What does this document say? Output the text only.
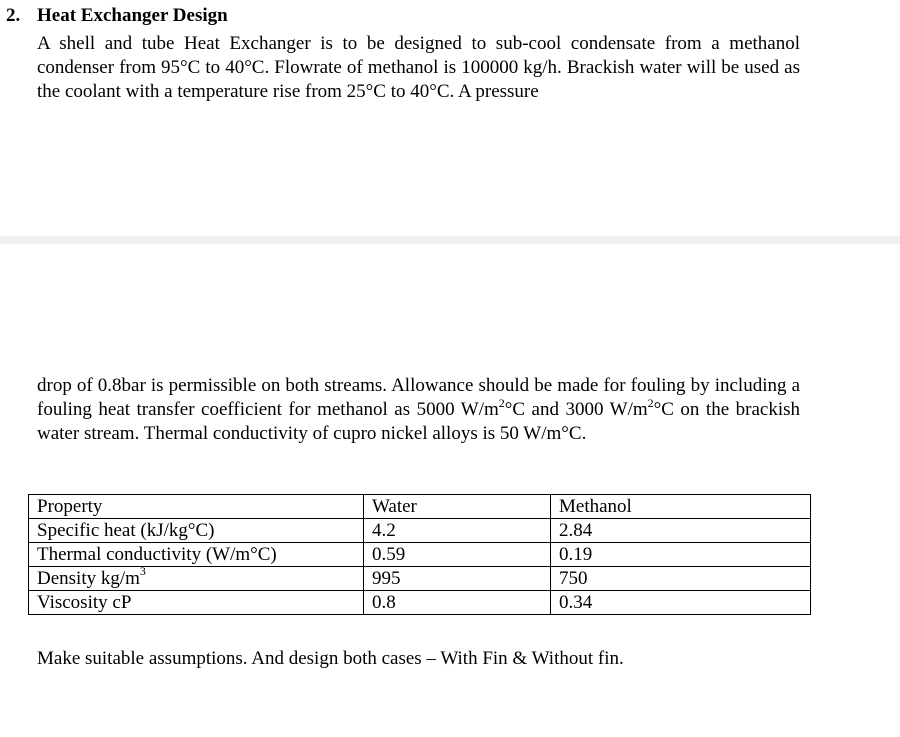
2. Heat Exchanger Design

A shell and tube Heat Exchanger is to be designed to sub-cool condensate from a methanol condenser from 95°C to 40°C. Flowrate of methanol is 100000 kg/h. Brackish water will be used as the coolant with a temperature rise from 25°C to 40°C. A pressure

drop of 0.8bar is permissible on both streams. Allowance should be made for fouling by including a fouling heat transfer coefficient for methanol as 5000 $W/m^2^\circ C$ and 3000 $W/m^2^\circ C$ on the brackish water stream. Thermal conductivity of cupro nickel alloys is 50 W/m°C.

Property	Water	Methanol
Specific heat (kJ/kg°C)	4.2	2.84
Thermal conductivity (W/m°C)	0.59	0.19
Density $kg/m^3$	995	750
Viscosity cP	0.8	0.34
Make suitable assumptions. And design both cases – With Fin & Without fin.
